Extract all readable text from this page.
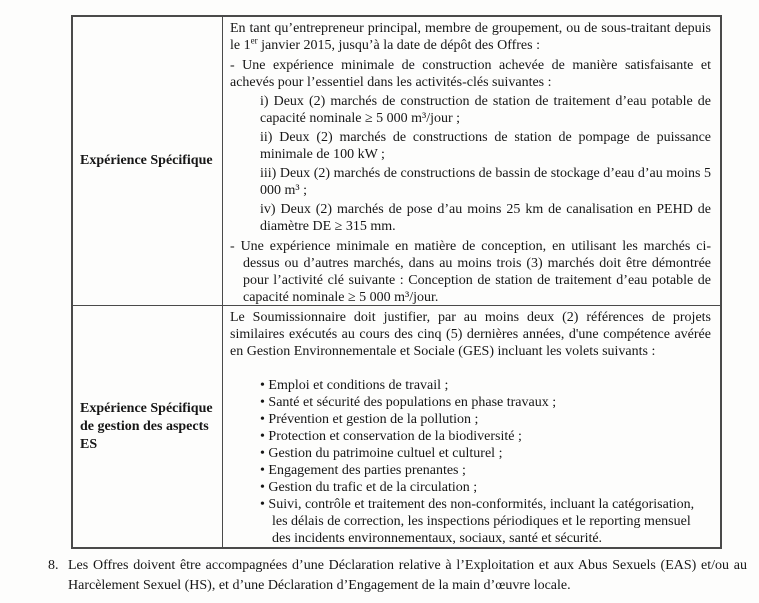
Expérience Spécifique

En tant qu’entrepreneur principal, membre de groupement, ou de sous-traitant depuis le 1er janvier 2015, jusqu’à la date de dépôt des Offres :

- Une expérience minimale de construction achevée de manière satisfaisante et achevés pour l’essentiel dans les activités-clés suivantes :

i) Deux (2) marchés de construction de station de traitement d’eau potable de capacité nominale ≥ 5 000 m³/jour ;

ii) Deux (2) marchés de constructions de station de pompage de puissance minimale de 100 kW ;

iii) Deux (2) marchés de constructions de bassin de stockage d’eau d’au moins 5 000 m³ ;

iv) Deux (2) marchés de pose d’au moins 25 km de canalisation en PEHD de diamètre DE ≥ 315 mm.

- Une expérience minimale en matière de conception, en utilisant les marchés ci-dessus ou d’autres marchés, dans au moins trois (3) marchés doit être démontrée pour l’activité clé suivante : Conception de station de traitement d’eau potable de capacité nominale ≥ 5 000 m³/jour.

Expérience Spécifique de gestion des aspects ES

Le Soumissionnaire doit justifier, par au moins deux (2) références de projets similaires exécutés au cours des cinq (5) dernières années, d'une compétence avérée en Gestion Environnementale et Sociale (GES) incluant les volets suivants :

• Emploi et conditions de travail ;
• Santé et sécurité des populations en phase travaux ;
• Prévention et gestion de la pollution ;
• Protection et conservation de la biodiversité ;
• Gestion du patrimoine cultuel et culturel ;
• Engagement des parties prenantes ;
• Gestion du trafic et de la circulation ;
• Suivi, contrôle et traitement des non-conformités, incluant la catégorisation, les délais de correction, les inspections périodiques et le reporting mensuel des incidents environnementaux, sociaux, santé et sécurité.
8. Les Offres doivent être accompagnées d’une Déclaration relative à l’Exploitation et aux Abus Sexuels (EAS) et/ou au Harcèlement Sexuel (HS), et d’une Déclaration d’Engagement de la main d’œuvre locale.
